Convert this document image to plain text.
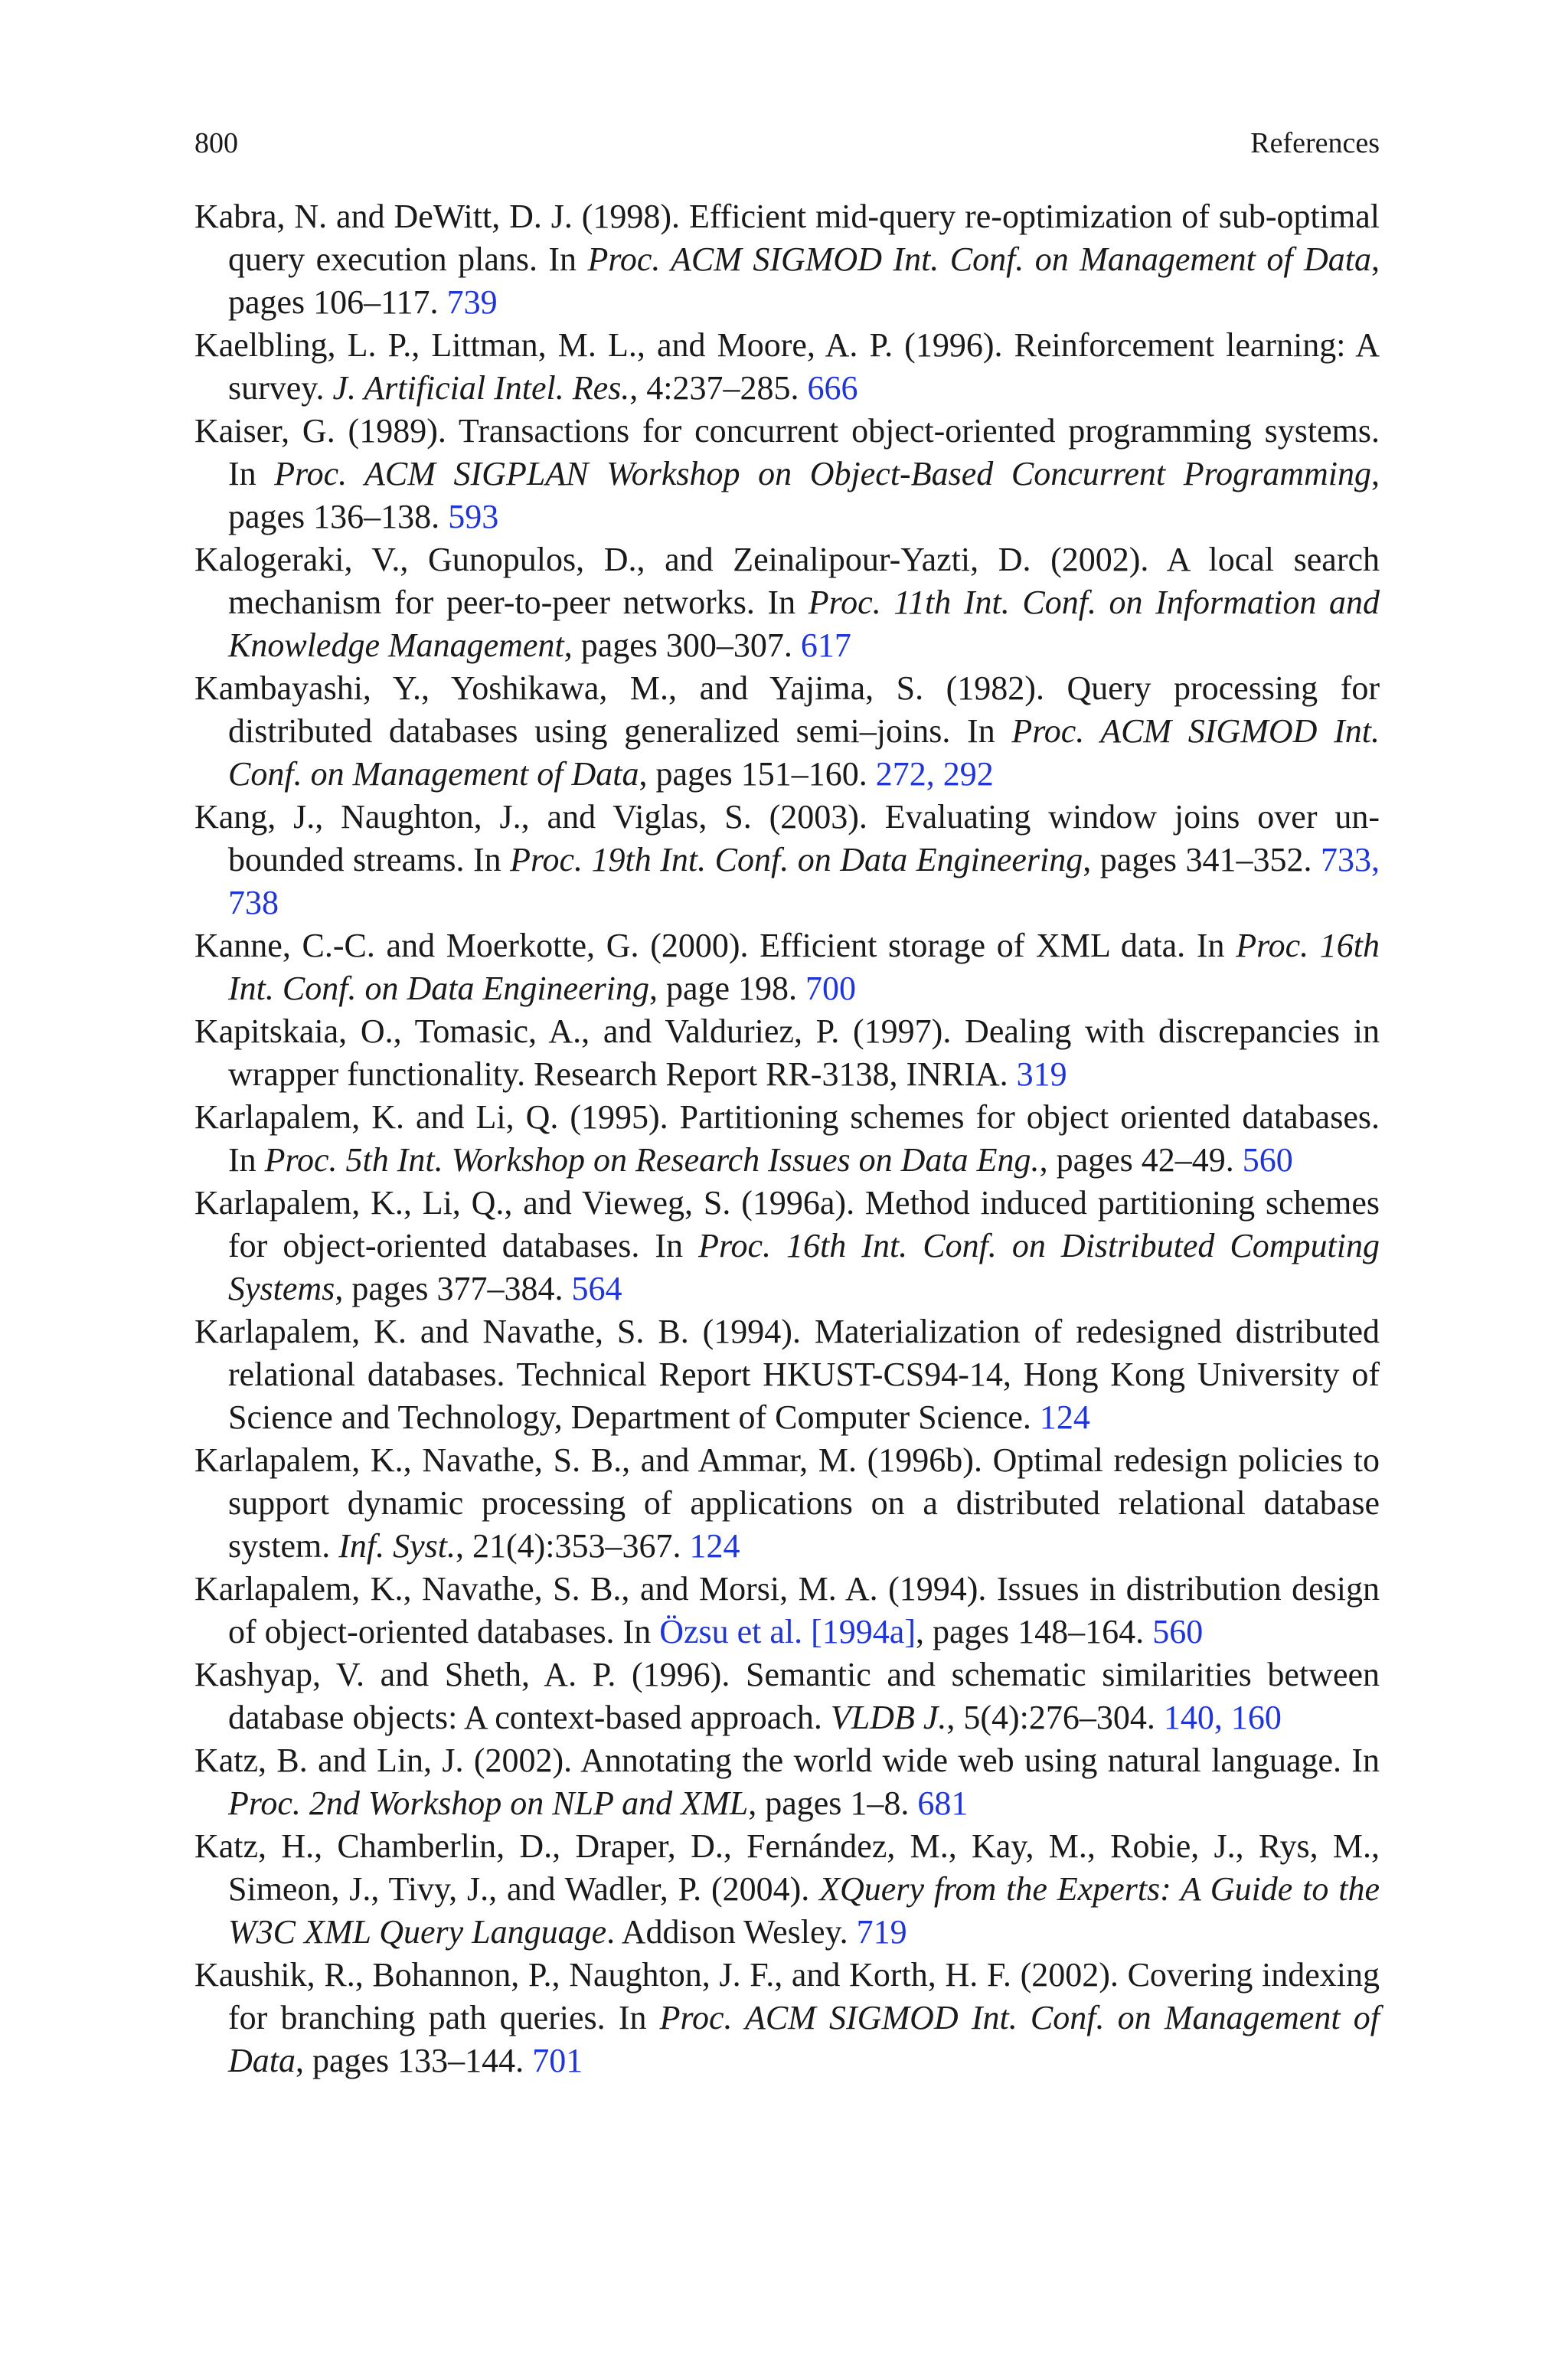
800	References

Kabra, N. and DeWitt, D. J. (1998). Efficient mid-query re-optimization of sub-optimal query execution plans. In Proc. ACM SIGMOD Int. Conf. on Management of Data, pages 106–117. 739

Kaelbling, L. P., Littman, M. L., and Moore, A. P. (1996). Reinforcement learning: A survey. J. Artificial Intel. Res., 4:237–285. 666

Kaiser, G. (1989). Transactions for concurrent object-oriented programming systems. In Proc. ACM SIGPLAN Workshop on Object-Based Concurrent Programming, pages 136–138. 593

Kalogeraki, V., Gunopulos, D., and Zeinalipour-Yazti, D. (2002). A local search mechanism for peer-to-peer networks. In Proc. 11th Int. Conf. on Information and Knowledge Management, pages 300–307. 617

Kambayashi, Y., Yoshikawa, M., and Yajima, S. (1982). Query processing for distributed databases using generalized semi–joins. In Proc. ACM SIGMOD Int. Conf. on Management of Data, pages 151–160. 272, 292

Kang, J., Naughton, J., and Viglas, S. (2003). Evaluating window joins over un-bounded streams. In Proc. 19th Int. Conf. on Data Engineering, pages 341–352. 733, 738

Kanne, C.-C. and Moerkotte, G. (2000). Efficient storage of XML data. In Proc. 16th Int. Conf. on Data Engineering, page 198. 700

Kapitskaia, O., Tomasic, A., and Valduriez, P. (1997). Dealing with discrepancies in wrapper functionality. Research Report RR-3138, INRIA. 319

Karlapalem, K. and Li, Q. (1995). Partitioning schemes for object oriented databases. In Proc. 5th Int. Workshop on Research Issues on Data Eng., pages 42–49. 560

Karlapalem, K., Li, Q., and Vieweg, S. (1996a). Method induced partitioning schemes for object-oriented databases. In Proc. 16th Int. Conf. on Distributed Computing Systems, pages 377–384. 564

Karlapalem, K. and Navathe, S. B. (1994). Materialization of redesigned distributed relational databases. Technical Report HKUST-CS94-14, Hong Kong University of Science and Technology, Department of Computer Science. 124

Karlapalem, K., Navathe, S. B., and Ammar, M. (1996b). Optimal redesign policies to support dynamic processing of applications on a distributed relational database system. Inf. Syst., 21(4):353–367. 124

Karlapalem, K., Navathe, S. B., and Morsi, M. A. (1994). Issues in distribution design of object-oriented databases. In Özsu et al. [1994a], pages 148–164. 560

Kashyap, V. and Sheth, A. P. (1996). Semantic and schematic similarities between database objects: A context-based approach. VLDB J., 5(4):276–304. 140, 160

Katz, B. and Lin, J. (2002). Annotating the world wide web using natural language. In Proc. 2nd Workshop on NLP and XML, pages 1–8. 681

Katz, H., Chamberlin, D., Draper, D., Fernández, M., Kay, M., Robie, J., Rys, M., Simeon, J., Tivy, J., and Wadler, P. (2004). XQuery from the Experts: A Guide to the W3C XML Query Language. Addison Wesley. 719

Kaushik, R., Bohannon, P., Naughton, J. F., and Korth, H. F. (2002). Covering indexing for branching path queries. In Proc. ACM SIGMOD Int. Conf. on Management of Data, pages 133–144. 701
